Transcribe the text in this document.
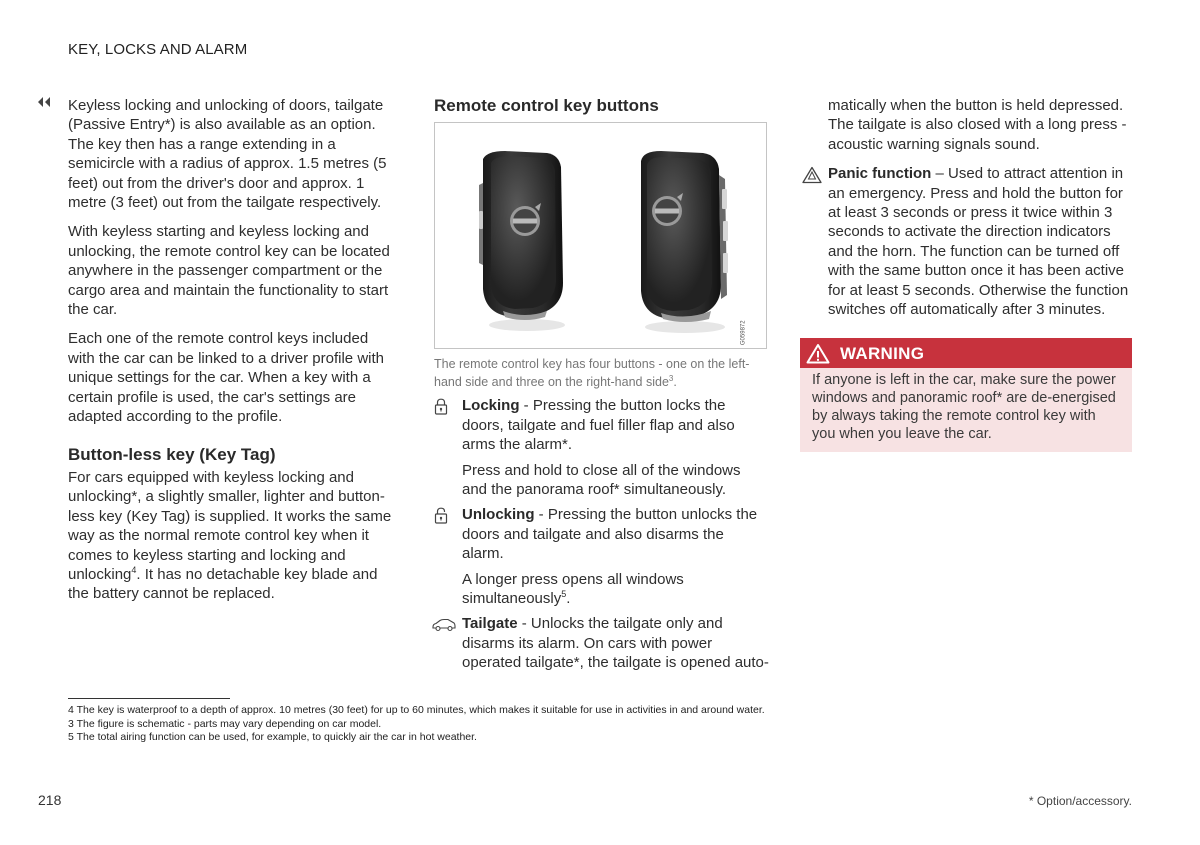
KEY, LOCKS AND ALARM

Keyless locking and unlocking of doors, tailgate (Passive Entry*) is also available as an option. The key then has a range extending in a semicircle with a radius of approx. 1.5 metres (5 feet) out from the driver's door and approx. 1 metre (3 feet) out from the tailgate respectively.

With keyless starting and keyless locking and unlocking, the remote control key can be located anywhere in the passenger compartment or the cargo area and maintain the functionality to start the car.

Each one of the remote control keys included with the car can be linked to a driver profile with unique settings for the car. When a key with a certain profile is used, the car's settings are adapted according to the profile.

Button-less key (Key Tag)

For cars equipped with keyless locking and unlocking*, a slightly smaller, lighter and button-less key (Key Tag) is supplied. It works the same way as the normal remote control key when it comes to keyless starting and locking and unlocking$^4$. It has no detachable key blade and the battery cannot be replaced.

Remote control key buttons
G059872
The remote control key has four buttons - one on the left-hand side and three on the right-hand side$^3$.

Locking - Pressing the button locks the doors, tailgate and fuel filler flap and also arms the alarm*.

Press and hold to close all of the windows and the panorama roof* simultaneously.

Unlocking - Pressing the button unlocks the doors and tailgate and also disarms the alarm.

A longer press opens all windows simultaneously$^5$.

Tailgate - Unlocks the tailgate only and disarms its alarm. On cars with power operated tailgate*, the tailgate is opened auto-

matically when the button is held depressed. The tailgate is also closed with a long press - acoustic warning signals sound.

Panic function – Used to attract attention in an emergency. Press and hold the button for at least 3 seconds or press it twice within 3 seconds to activate the direction indicators and the horn. The function can be turned off with the same button once it has been active for at least 5 seconds. Otherwise the function switches off automatically after 3 minutes.
WARNING
If anyone is left in the car, make sure the power windows and panoramic roof* are de-energised by always taking the remote control key with you when you leave the car.
4 The key is waterproof to a depth of approx. 10 metres (30 feet) for up to 60 minutes, which makes it suitable for use in activities in and around water.
3 The figure is schematic - parts may vary depending on car model.
5 The total airing function can be used, for example, to quickly air the car in hot weather.
218	* Option/accessory.
